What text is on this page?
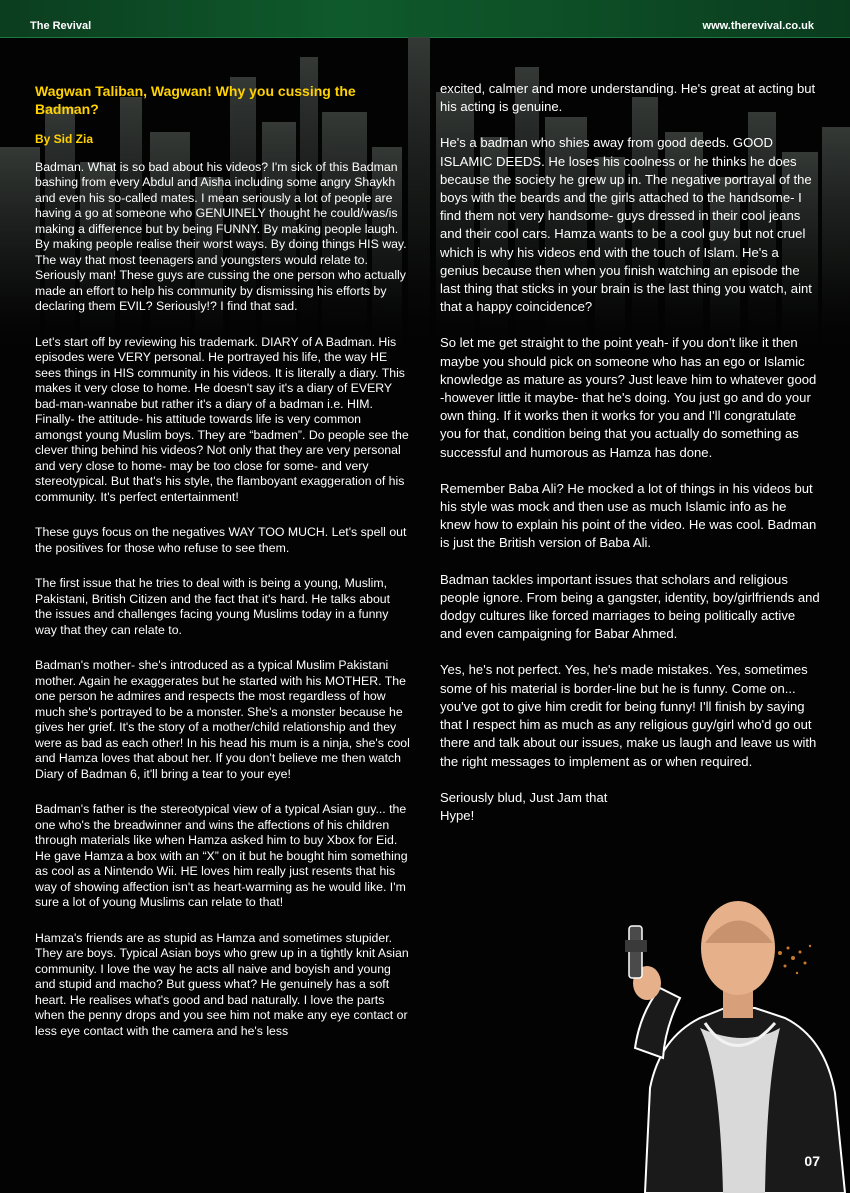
The Revival	www.therevival.co.uk
Wagwan Taliban, Wagwan! Why you cussing the Badman?
By Sid Zia

Badman. What is so bad about his videos? I'm sick of this Badman bashing from every Abdul and Aisha including some angry Shaykh and even his so-called mates. I mean seriously a lot of people are having a go at someone who GENUINELY thought he could/was/is making a difference but by being FUNNY. By making people laugh. By making people realise their worst ways. By doing things HIS way. The way that most teenagers and youngsters would relate to. Seriously man! These guys are cussing the one person who actually made an effort to help his community by dismissing his efforts by declaring them EVIL? Seriously!? I find that sad.

Let's start off by reviewing his trademark. DIARY of A Badman. His episodes were VERY personal. He portrayed his life, the way HE sees things in HIS community in his videos. It is literally a diary. This makes it very close to home. He doesn't say it's a diary of EVERY bad-man-wannabe but rather it's a diary of a badman i.e. HIM. Finally- the attitude- his attitude towards life is very common amongst young Muslim boys. They are “badmen”. Do people see the clever thing behind his videos? Not only that they are very personal and very close to home- may be too close for some- and very stereotypical. But that's his style, the flamboyant exaggeration of his community. It's perfect entertainment!

These guys focus on the negatives WAY TOO MUCH. Let's spell out the positives for those who refuse to see them.

The first issue that he tries to deal with is being a young, Muslim, Pakistani, British Citizen and the fact that it's hard. He talks about the issues and challenges facing young Muslims today in a funny way that they can relate to.

Badman's mother- she's introduced as a typical Muslim Pakistani mother. Again he exaggerates but he started with his MOTHER. The one person he admires and respects the most regardless of how much she's portrayed to be a monster. She's a monster because he gives her grief. It's the story of a mother/child relationship and they were as bad as each other! In his head his mum is a ninja, she's cool and Hamza loves that about her. If you don't believe me then watch Diary of Badman 6, it'll bring a tear to your eye!

Badman's father is the stereotypical view of a typical Asian guy... the one who's the breadwinner and wins the affections of his children through materials like when Hamza asked him to buy Xbox for Eid. He gave Hamza a box with an “X” on it but he bought him something as cool as a Nintendo Wii. HE loves him really just resents that his way of showing affection isn't as heart-warming as he would like. I'm sure a lot of young Muslims can relate to that!

Hamza's friends are as stupid as Hamza and sometimes stupider. They are boys. Typical Asian boys who grew up in a tightly knit Asian community. I love the way he acts all naive and boyish and young and stupid and macho? But guess what? He genuinely has a soft heart. He realises what's good and bad naturally. I love the parts when the penny drops and you see him not make any eye contact or less eye contact with the camera and he's less

excited, calmer and more understanding. He's great at acting but his acting is genuine.

He's a badman who shies away from good deeds. GOOD ISLAMIC DEEDS. He loses his coolness or he thinks he does because the society he grew up in. The negative portrayal of the boys with the beards and the girls attached to the handsome- I find them not very handsome- guys dressed in their cool jeans and their cool cars. Hamza wants to be a cool guy but not cruel which is why his videos end with the touch of Islam. He's a genius because then when you finish watching an episode the last thing that sticks in your brain is the last thing you watch, aint that a happy coincidence?

So let me get straight to the point yeah- if you don't like it then maybe you should pick on someone who has an ego or Islamic knowledge as mature as yours? Just leave him to whatever good -however little it maybe- that he's doing. You just go and do your own thing. If it works then it works for you and I'll congratulate you for that, condition being that you actually do something as successful and humorous as Hamza has done.

Remember Baba Ali? He mocked a lot of things in his videos but his style was mock and then use as much Islamic info as he knew how to explain his point of the video. He was cool. Badman is just the British version of Baba Ali.

Badman tackles important issues that scholars and religious people ignore. From being a gangster, identity, boy/girlfriends and dodgy cultures like forced marriages to being politically active and even campaigning for Babar Ahmed.

Yes, he's not perfect. Yes, he's made mistakes. Yes, sometimes some of his material is border-line but he is funny. Come on... you've got to give him credit for being funny! I'll finish by saying that I respect him as much as any religious guy/girl who'd go out there and talk about our issues, make us laugh and leave us with the right messages to implement as or when required.

Seriously blud, Just Jam that
Hype!
07
